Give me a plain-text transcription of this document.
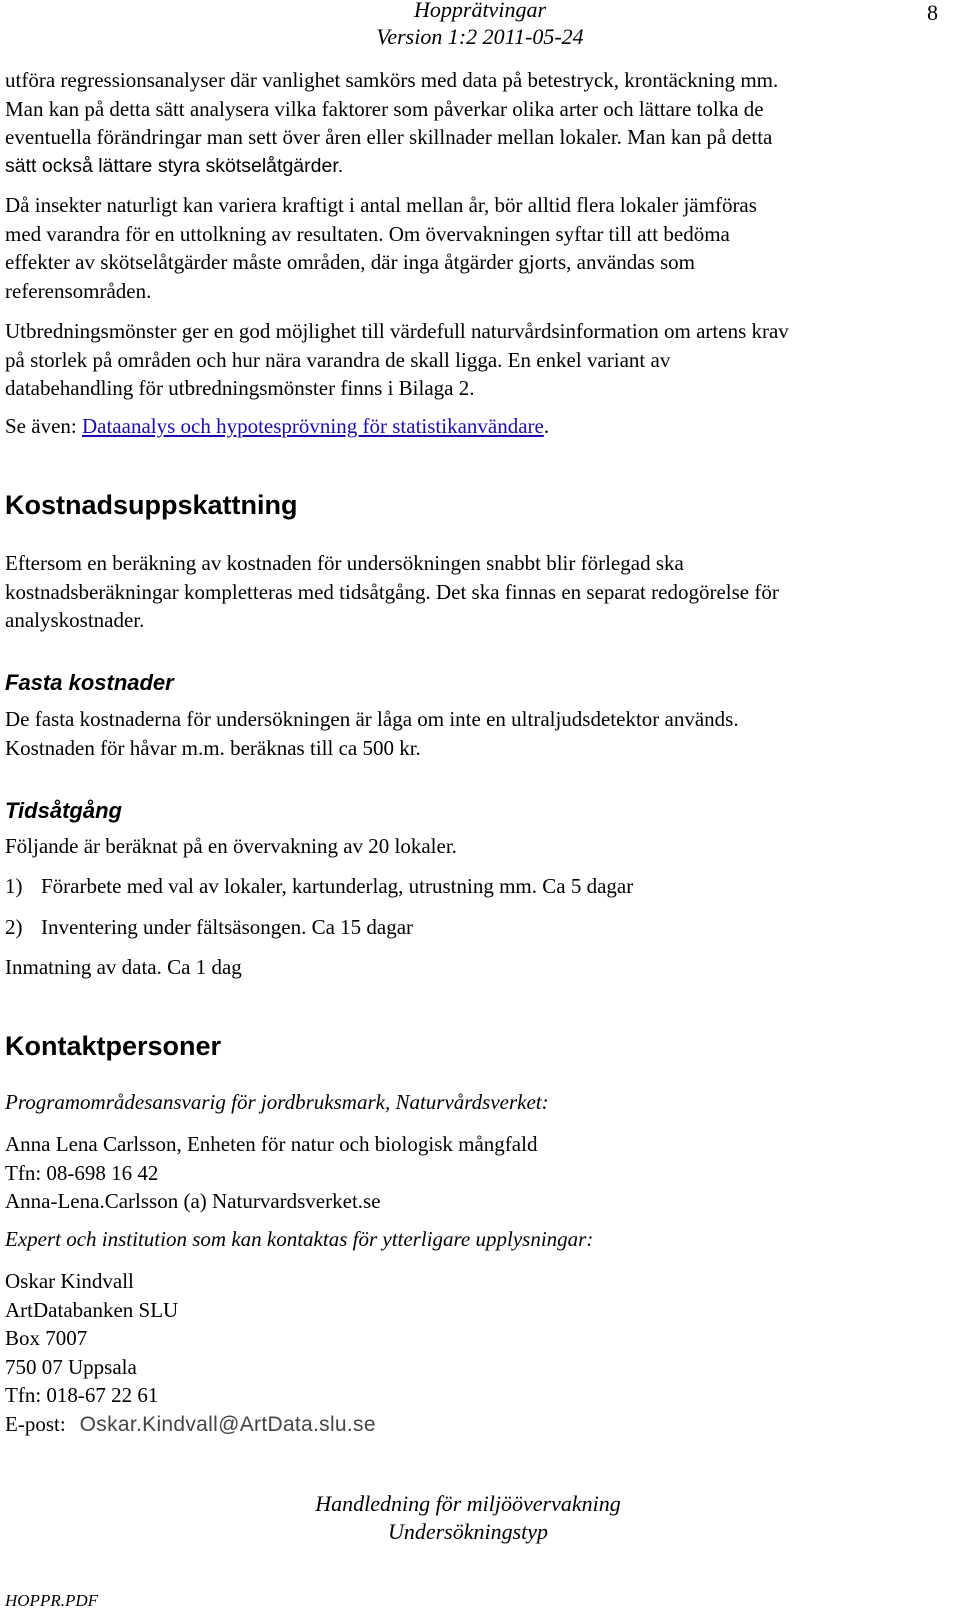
Hopprätvingar
Version 1:2 2011-05-24
8

utföra regressionsanalyser där vanlighet samkörs med data på betestryck, krontäckning mm.

Man kan på detta sätt analysera vilka faktorer som påverkar olika arter och lättare tolka de

eventuella förändringar man sett över åren eller skillnader mellan lokaler. Man kan på detta

sätt också lättare styra skötselåtgärder.

Då insekter naturligt kan variera kraftigt i antal mellan år, bör alltid flera lokaler jämföras

med varandra för en uttolkning av resultaten. Om övervakningen syftar till att bedöma

effekter av skötselåtgärder måste områden, där inga åtgärder gjorts, användas som

referensområden.

Utbredningsmönster ger en god möjlighet till värdefull naturvårdsinformation om artens krav

på storlek på områden och hur nära varandra de skall ligga. En enkel variant av

databehandling för utbredningsmönster finns i Bilaga 2.

Se även: Dataanalys och hypotesprövning för statistikanvändare.
Kostnadsuppskattning

Eftersom en beräkning av kostnaden för undersökningen snabbt blir förlegad ska

kostnadsberäkningar kompletteras med tidsåtgång. Det ska finnas en separat redogörelse för

analyskostnader.

Fasta kostnader

De fasta kostnaderna för undersökningen är låga om inte en ultraljudsdetektor används.

Kostnaden för håvar m.m. beräknas till ca 500 kr.

Tidsåtgång
Följande är beräknat på en övervakning av 20 lokaler.
1) Förarbete med val av lokaler, kartunderlag, utrustning mm. Ca 5 dagar
2) Inventering under fältsäsongen. Ca 15 dagar
Inmatning av data. Ca 1 dag
Kontaktpersoner
Programområdesansvarig för jordbruksmark, Naturvårdsverket:

Anna Lena Carlsson, Enheten för natur och biologisk mångfald

Tfn: 08-698 16 42

Anna-Lena.Carlsson (a) Naturvardsverket.se

Expert och institution som kan kontaktas för ytterligare upplysningar:

Oskar Kindvall

ArtDatabanken SLU

Box 7007

750 07 Uppsala

Tfn: 018-67 22 61

E-post: Oskar.Kindvall@ArtData.slu.se

Handledning för miljöövervakning
Undersökningstyp
HOPPR.PDF
